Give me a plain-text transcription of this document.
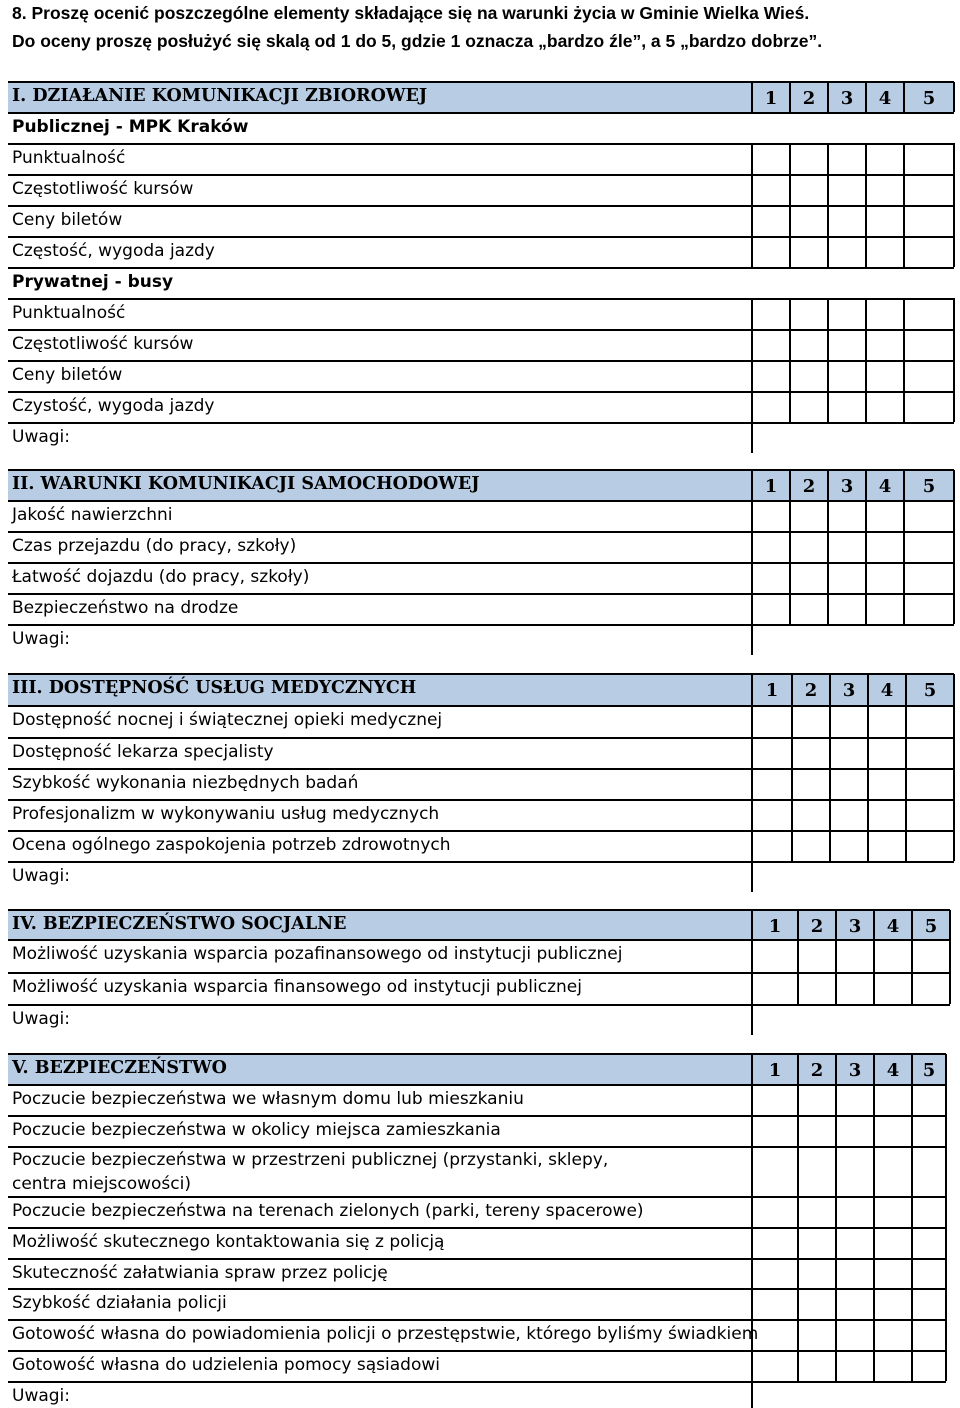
8. Proszę ocenić poszczególne elementy składające się na warunki życia w Gminie Wielka Wieś.
Do oceny proszę posłużyć się skalą od 1 do 5, gdzie 1 oznacza „bardzo źle”, a 5 „bardzo dobrze”.
I. DZIAŁANIE KOMUNIKACJI ZBIOROWEJ	1	2	3	4	5
Publicznej - MPK Kraków
Punktualność
Częstotliwość kursów
Ceny biletów
Częstość, wygoda jazdy
Prywatnej - busy
Punktualność
Częstotliwość kursów
Ceny biletów
Czystość, wygoda jazdy
Uwagi:
II. WARUNKI KOMUNIKACJI SAMOCHODOWEJ	1	2	3	4	5
Jakość nawierzchni
Czas przejazdu (do pracy, szkoły)
Łatwość dojazdu (do pracy, szkoły)
Bezpieczeństwo na drodze
Uwagi:
III. DOSTĘPNOŚĆ USŁUG MEDYCZNYCH	1	2	3	4	5
Dostępność nocnej i świątecznej opieki medycznej
Dostępność lekarza specjalisty
Szybkość wykonania niezbędnych badań
Profesjonalizm w wykonywaniu usług medycznych
Ocena ogólnego zaspokojenia potrzeb zdrowotnych
Uwagi:
IV. BEZPIECZEŃSTWO SOCJALNE	1	2	3	4	5
Możliwość uzyskania wsparcia pozafinansowego od instytucji publicznej
Możliwość uzyskania wsparcia finansowego od instytucji publicznej
Uwagi:
V. BEZPIECZEŃSTWO	1	2	3	4	5
Poczucie bezpieczeństwa we własnym domu lub mieszkaniu
Poczucie bezpieczeństwa w okolicy miejsca zamieszkania
Poczucie bezpieczeństwa w przestrzeni publicznej (przystanki, sklepy, centra miejscowości)
Poczucie bezpieczeństwa na terenach zielonych (parki, tereny spacerowe)
Możliwość skutecznego kontaktowania się z policją
Skuteczność załatwiania spraw przez policję
Szybkość działania policji
Gotowość własna do powiadomienia policji o przestępstwie, którego byliśmy świadkiem
Gotowość własna do udzielenia pomocy sąsiadowi
Uwagi:
